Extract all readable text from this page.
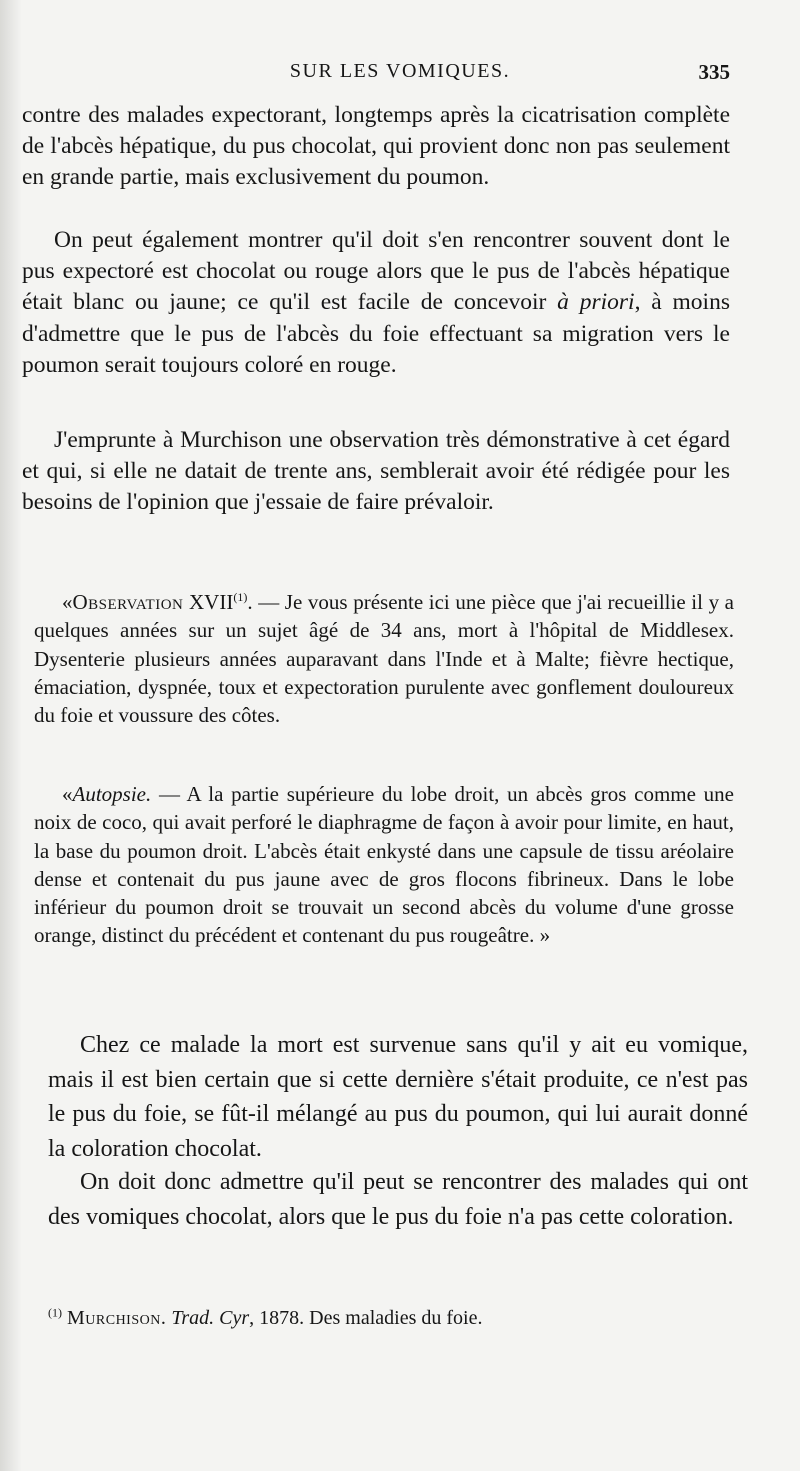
SUR LES VOMIQUES.	335

contre des malades expectorant, longtemps après la cicatrisation complète de l'abcès hépatique, du pus chocolat, qui provient donc non pas seulement en grande partie, mais exclusivement du poumon.

On peut également montrer qu'il doit s'en rencontrer souvent dont le pus expectoré est chocolat ou rouge alors que le pus de l'abcès hépatique était blanc ou jaune; ce qu'il est facile de concevoir à priori, à moins d'admettre que le pus de l'abcès du foie effectuant sa migration vers le poumon serait toujours coloré en rouge.

J'emprunte à Murchison une observation très démonstrative à cet égard et qui, si elle ne datait de trente ans, semblerait avoir été rédigée pour les besoins de l'opinion que j'essaie de faire prévaloir.

«Observation XVII$^{(1)}$. — Je vous présente ici une pièce que j'ai recueillie il y a quelques années sur un sujet âgé de 34 ans, mort à l'hôpital de Middlesex. Dysenterie plusieurs années auparavant dans l'Inde et à Malte; fièvre hectique, émaciation, dyspnée, toux et expectoration purulente avec gonflement douloureux du foie et voussure des côtes.

«Autopsie. — A la partie supérieure du lobe droit, un abcès gros comme une noix de coco, qui avait perforé le diaphragme de façon à avoir pour limite, en haut, la base du poumon droit. L'abcès était enkysté dans une capsule de tissu aréolaire dense et contenait du pus jaune avec de gros flocons fibrineux. Dans le lobe inférieur du poumon droit se trouvait un second abcès du volume d'une grosse orange, distinct du précédent et contenant du pus rougeâtre. »

Chez ce malade la mort est survenue sans qu'il y ait eu vomique, mais il est bien certain que si cette dernière s'était produite, ce n'est pas le pus du foie, se fût-il mélangé au pus du poumon, qui lui aurait donné la coloration chocolat.

On doit donc admettre qu'il peut se rencontrer des malades qui ont des vomiques chocolat, alors que le pus du foie n'a pas cette coloration.

$^{(1)}$ Murchison. Trad. Cyr, 1878. Des maladies du foie.
